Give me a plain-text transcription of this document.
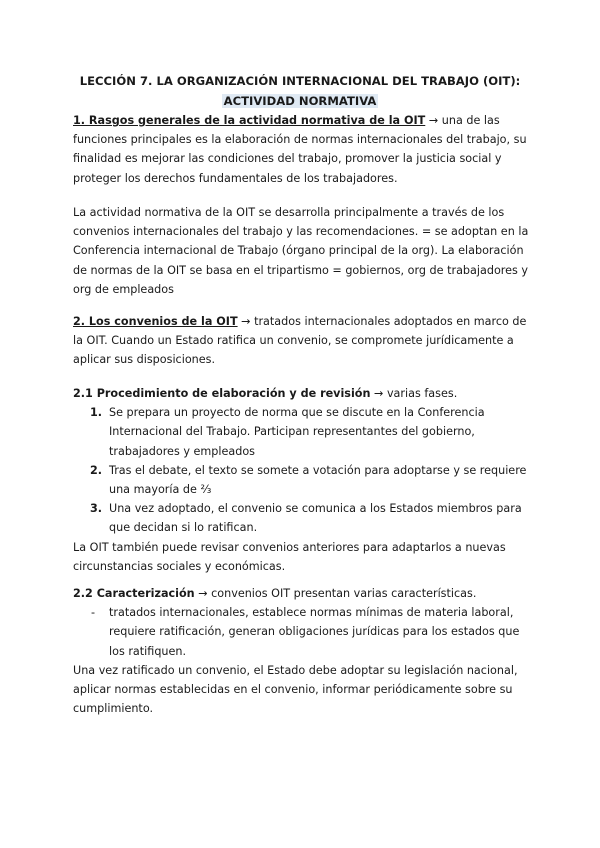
LECCIÓN 7. LA ORGANIZACIÓN INTERNACIONAL DEL TRABAJO (OIT):
ACTIVIDAD NORMATIVA

1. Rasgos generales de la actividad normativa de la OIT → una de las funciones principales es la elaboración de normas internacionales del trabajo, su finalidad es mejorar las condiciones del trabajo, promover la justicia social y proteger los derechos fundamentales de los trabajadores.

La actividad normativa de la OIT se desarrolla principalmente a través de los convenios internacionales del trabajo y las recomendaciones. = se adoptan en la Conferencia internacional de Trabajo (órgano principal de la org). La elaboración de normas de la OIT se basa en el tripartismo = gobiernos, org de trabajadores y org de empleados

2. Los convenios de la OIT → tratados internacionales adoptados en marco de la OIT. Cuando un Estado ratifica un convenio, se compromete jurídicamente a aplicar sus disposiciones.

2.1 Procedimiento de elaboración y de revisión → varias fases.

1. Se prepara un proyecto de norma que se discute en la Conferencia Internacional del Trabajo. Participan representantes del gobierno, trabajadores y empleados
2. Tras el debate, el texto se somete a votación para adoptarse y se requiere una mayoría de ⅔
3. Una vez adoptado, el convenio se comunica a los Estados miembros para que decidan si lo ratifican.

La OIT también puede revisar convenios anteriores para adaptarlos a nuevas circunstancias sociales y económicas.

2.2 Caracterización → convenios OIT presentan varias características.

- tratados internacionales, establece normas mínimas de materia laboral, requiere ratificación, generan obligaciones jurídicas para los estados que los ratifiquen.

Una vez ratificado un convenio, el Estado debe adoptar su legislación nacional, aplicar normas establecidas en el convenio, informar periódicamente sobre su cumplimiento.
